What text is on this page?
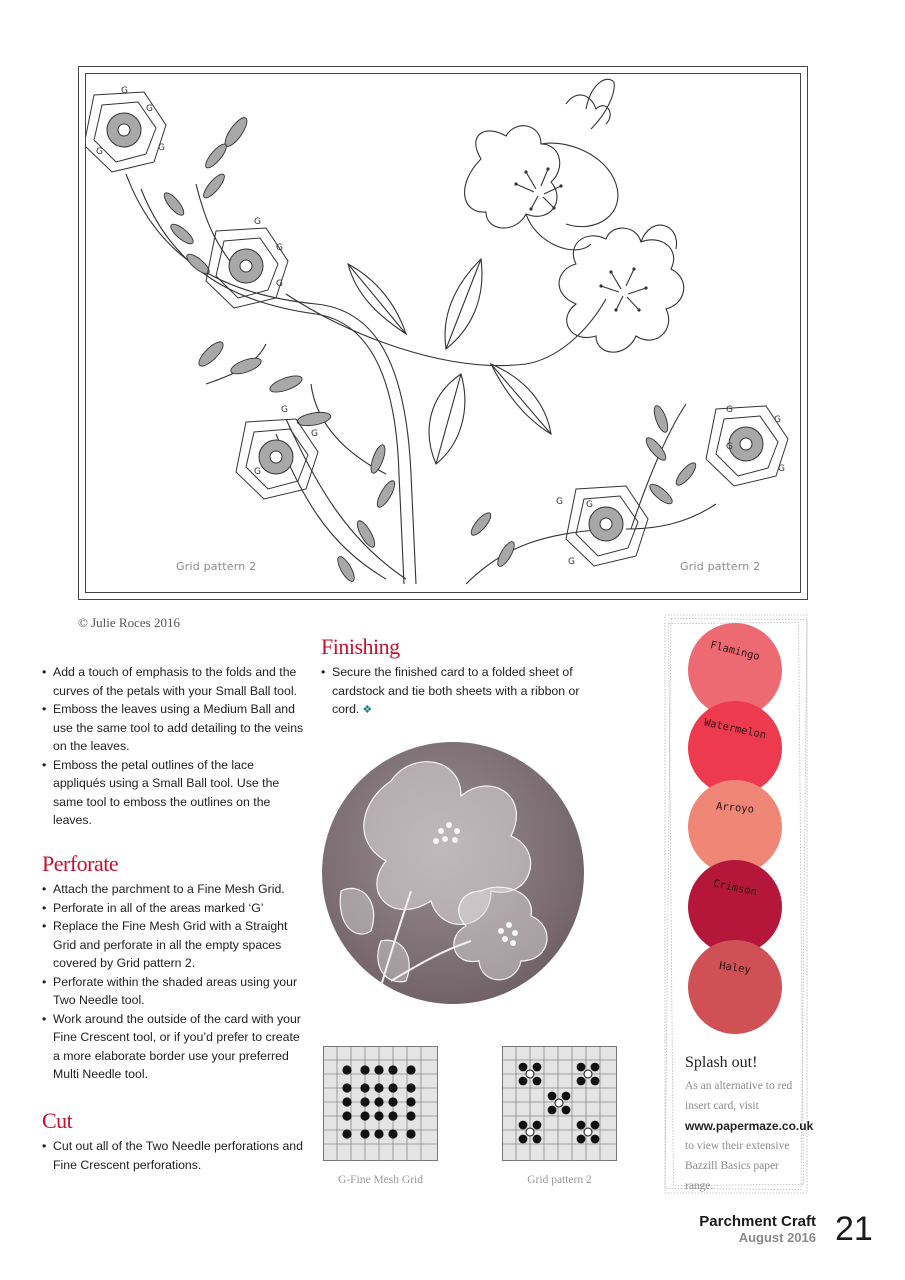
G
G
G
G
G
G
G
G
G
G
G
G
G
G
G
G
G
Grid pattern 2	Grid pattern 2
© Julie Roces 2016
• Add a touch of emphasis to the folds and the curves of the petals with your Small Ball tool.
• Emboss the leaves using a Medium Ball and use the same tool to add detailing to the veins on the leaves.
• Emboss the petal outlines of the lace appliqués using a Small Ball tool. Use the same tool to emboss the outlines on the leaves.
Perforate
• Attach the parchment to a Fine Mesh Grid.
• Perforate in all of the areas marked ‘G’
• Replace the Fine Mesh Grid with a Straight Grid and perforate in all the empty spaces covered by Grid pattern 2.
• Perforate within the shaded areas using your Two Needle tool.
• Work around the outside of the card with your Fine Crescent tool, or if you’d prefer to create a more elaborate border use your preferred Multi Needle tool.
Cut
• Cut out all of the Two Needle perforations and Fine Crescent perforations.
Finishing
• Secure the finished card to a folded sheet of cardstock and tie both sheets with a ribbon or cord. ❖
G-Fine Mesh Grid	Grid pattern 2
Flamingo
Watermelon
Arroyo
Crimson
Haley
Splash out!
As an alternative to red
insert card, visit
www.papermaze.co.uk
to view their extensive
Bazzill Basics paper range.
Parchment Craft
August 2016 21
